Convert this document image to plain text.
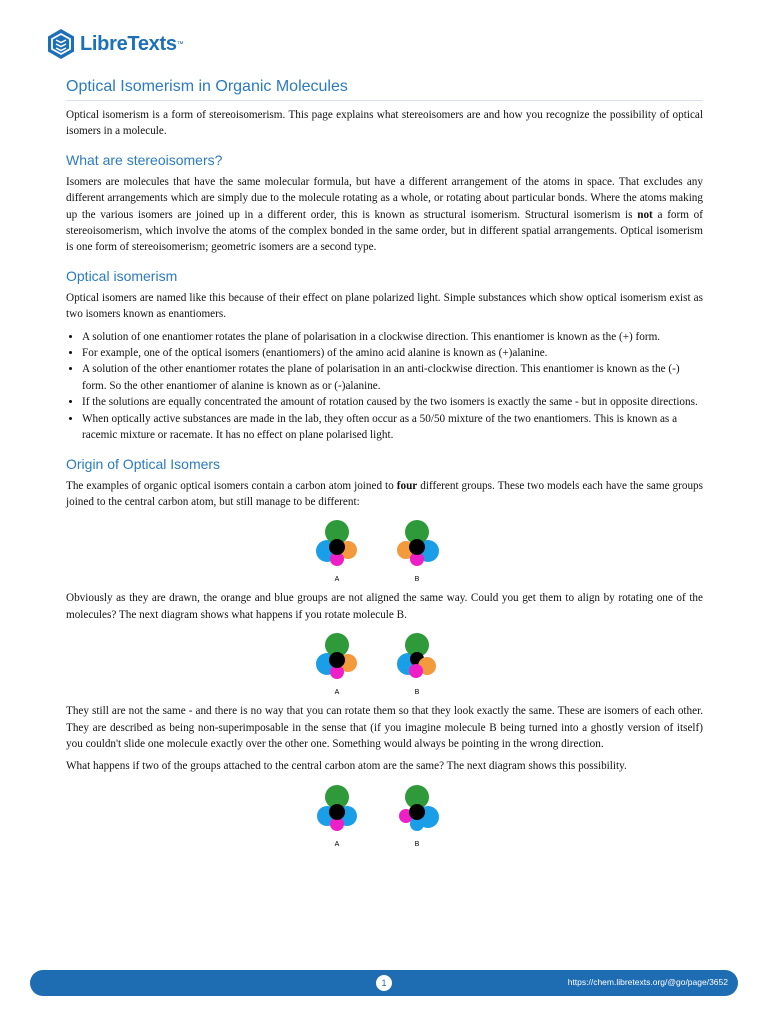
LibreTexts ™
Optical Isomerism in Organic Molecules

Optical isomerism is a form of stereoisomerism. This page explains what stereoisomers are and how you recognize the possibility of optical isomers in a molecule.

What are stereoisomers?

Isomers are molecules that have the same molecular formula, but have a different arrangement of the atoms in space. That excludes any different arrangements which are simply due to the molecule rotating as a whole, or rotating about particular bonds. Where the atoms making up the various isomers are joined up in a different order, this is known as structural isomerism. Structural isomerism is not a form of stereoisomerism, which involve the atoms of the complex bonded in the same order, but in different spatial arrangements. Optical isomerism is one form of stereoisomerism; geometric isomers are a second type.

Optical isomerism

Optical isomers are named like this because of their effect on plane polarized light. Simple substances which show optical isomerism exist as two isomers known as enantiomers.

• A solution of one enantiomer rotates the plane of polarisation in a clockwise direction. This enantiomer is known as the (+) form.
• For example, one of the optical isomers (enantiomers) of the amino acid alanine is known as (+)alanine.
• A solution of the other enantiomer rotates the plane of polarisation in an anti-clockwise direction. This enantiomer is known as the (-) form. So the other enantiomer of alanine is known as or (-)alanine.
• If the solutions are equally concentrated the amount of rotation caused by the two isomers is exactly the same - but in opposite directions.
• When optically active substances are made in the lab, they often occur as a 50/50 mixture of the two enantiomers. This is known as a racemic mixture or racemate. It has no effect on plane polarised light.
Origin of Optical Isomers

The examples of organic optical isomers contain a carbon atom joined to four different groups. These two models each have the same groups joined to the central carbon atom, but still manage to be different:

A	B

Obviously as they are drawn, the orange and blue groups are not aligned the same way. Could you get them to align by rotating one of the molecules? The next diagram shows what happens if you rotate molecule B.

A	B

They still are not the same - and there is no way that you can rotate them so that they look exactly the same. These are isomers of each other. They are described as being non-superimposable in the sense that (if you imagine molecule B being turned into a ghostly version of itself) you couldn't slide one molecule exactly over the other one. Something would always be pointing in the wrong direction.

What happens if two of the groups attached to the central carbon atom are the same? The next diagram shows this possibility.

A	B
1	https://chem.libretexts.org/@go/page/3652
